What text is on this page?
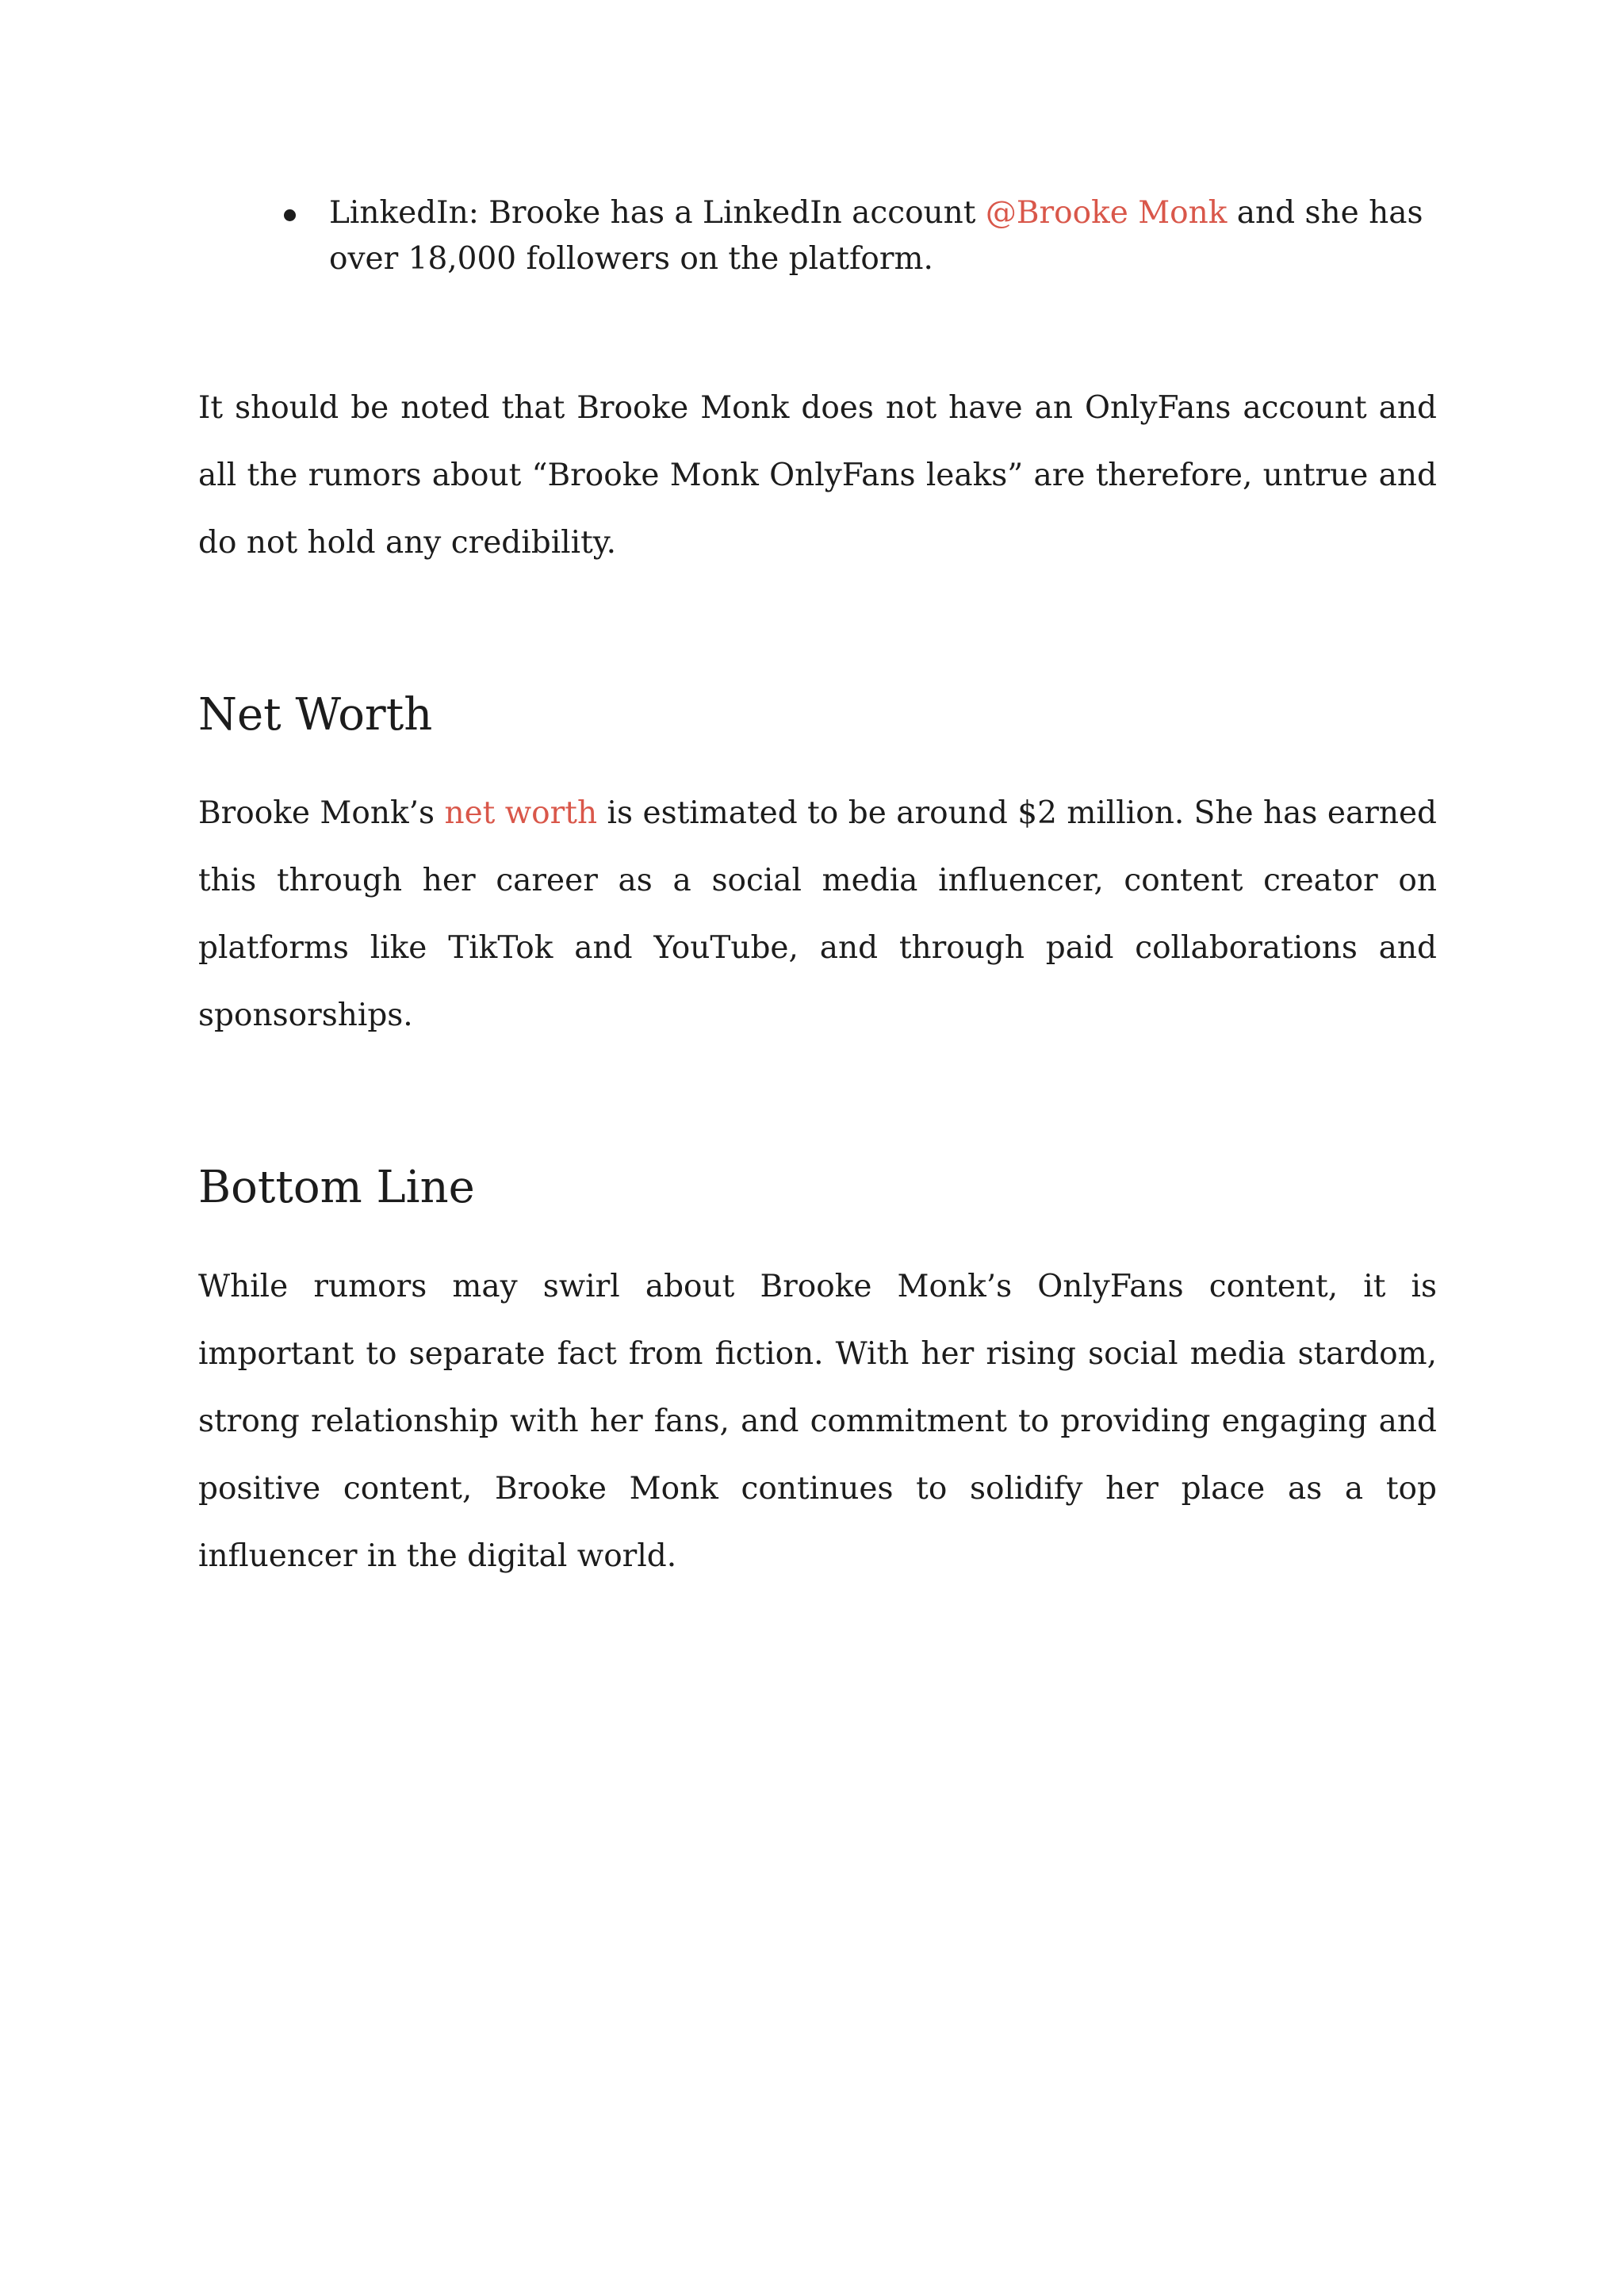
LinkedIn: Brooke has a LinkedIn account @Brooke Monk and she has over 18,000 followers on the platform.

It should be noted that Brooke Monk does not have an OnlyFans account and all the rumors about “Brooke Monk OnlyFans leaks” are therefore, untrue and do not hold any credibility.

Net Worth

Brooke Monk’s net worth is estimated to be around $2 million. She has earned this through her career as a social media influencer, content creator on platforms like TikTok and YouTube, and through paid collaborations and sponsorships.

Bottom Line

While rumors may swirl about Brooke Monk’s OnlyFans content, it is important to separate fact from fiction. With her rising social media stardom, strong relationship with her fans, and commitment to providing engaging and positive content, Brooke Monk continues to solidify her place as a top influencer in the digital world.
